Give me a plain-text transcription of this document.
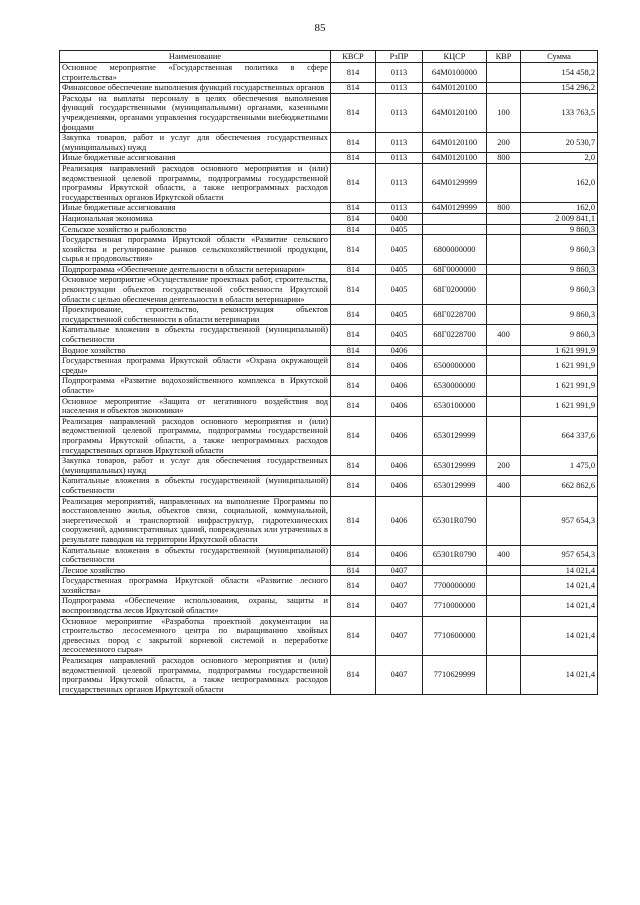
85
Наименование	КВСР	РзПР	КЦСР	КВР	Сумма
Основное мероприятие «Государственная политика в сфере строительства»	814	0113	64М0100000		154 458,2
Финансовое обеспечение выполнения функций государственных органов	814	0113	64М0120100		154 296,2
Расходы на выплаты персоналу в целях обеспечения выполнения функций государственными (муниципальными) органами, казенными учреждениями, органами управления государственными внебюджетными фондами	814	0113	64М0120100	100	133 763,5
Закупка товаров, работ и услуг для обеспечения государственных (муниципальных) нужд	814	0113	64М0120100	200	20 530,7
Иные бюджетные ассигнования	814	0113	64М0120100	800	2,0
Реализация направлений расходов основного мероприятия и (или) ведомственной целевой программы, подпрограммы государственной программы Иркутской области, а также непрограммных расходов государственных органов Иркутской области	814	0113	64М0129999		162,0
Иные бюджетные ассигнования	814	0113	64М0129999	800	162,0
Национальная экономика	814	0400			2 009 841,1
Сельское хозяйство и рыболовство	814	0405			9 860,3
Государственная программа Иркутской области «Развитие сельского хозяйства и регулирование рынков сельскохозяйственной продукции, сырья и продовольствия»	814	0405	6800000000		9 860,3
Подпрограмма «Обеспечение деятельности в области ветеринарии»	814	0405	68Г0000000		9 860,3
Основное мероприятие «Осуществление проектных работ, строительства, реконструкции объектов государственной собственности Иркутской области с целью обеспечения деятельности в области ветеринарии»	814	0405	68Г0200000		9 860,3
Проектирование, строительство, реконструкция объектов государственной собственности в области ветеринарии	814	0405	68Г0228700		9 860,3
Капитальные вложения в объекты государственной (муниципальной) собственности	814	0405	68Г0228700	400	9 860,3
Водное хозяйство	814	0406			1 621 991,9
Государственная программа Иркутской области «Охрана окружающей среды»	814	0406	6500000000		1 621 991,9
Подпрограмма «Развитие водохозяйственного комплекса в Иркутской области»	814	0406	6530000000		1 621 991,9
Основное мероприятие «Защита от негативного воздействия вод населения и объектов экономики»	814	0406	6530100000		1 621 991,9
Реализация направлений расходов основного мероприятия и (или) ведомственной целевой программы, подпрограммы государственной программы Иркутской области, а также непрограммных расходов государственных органов Иркутской области	814	0406	6530129999		664 337,6
Закупка товаров, работ и услуг для обеспечения государственных (муниципальных) нужд	814	0406	6530129999	200	1 475,0
Капитальные вложения в объекты государственной (муниципальной) собственности	814	0406	6530129999	400	662 862,6
Реализация мероприятий, направленных на выполнение Программы по восстановлению жилья, объектов связи, социальной, коммунальной, энергетической и транспортной инфраструктур, гидротехнических сооружений, административных зданий, поврежденных или утраченных в результате паводков на территории Иркутской области	814	0406	65301R0790		957 654,3
Капитальные вложения в объекты государственной (муниципальной) собственности	814	0406	65301R0790	400	957 654,3
Лесное хозяйство	814	0407			14 021,4
Государственная программа Иркутской области «Развитие лесного хозяйства»	814	0407	7700000000		14 021,4
Подпрограмма «Обеспечение использования, охраны, защиты и воспроизводства лесов Иркутской области»	814	0407	7710000000		14 021,4
Основное мероприятие «Разработка проектной документации на строительство лесосеменного центра по выращиванию хвойных древесных пород с закрытой корневой системой и переработке лесосеменного сырья»	814	0407	7710600000		14 021,4
Реализация направлений расходов основного мероприятия и (или) ведомственной целевой программы, подпрограммы государственной программы Иркутской области, а также непрограммных расходов государственных органов Иркутской области	814	0407	7710629999		14 021,4
